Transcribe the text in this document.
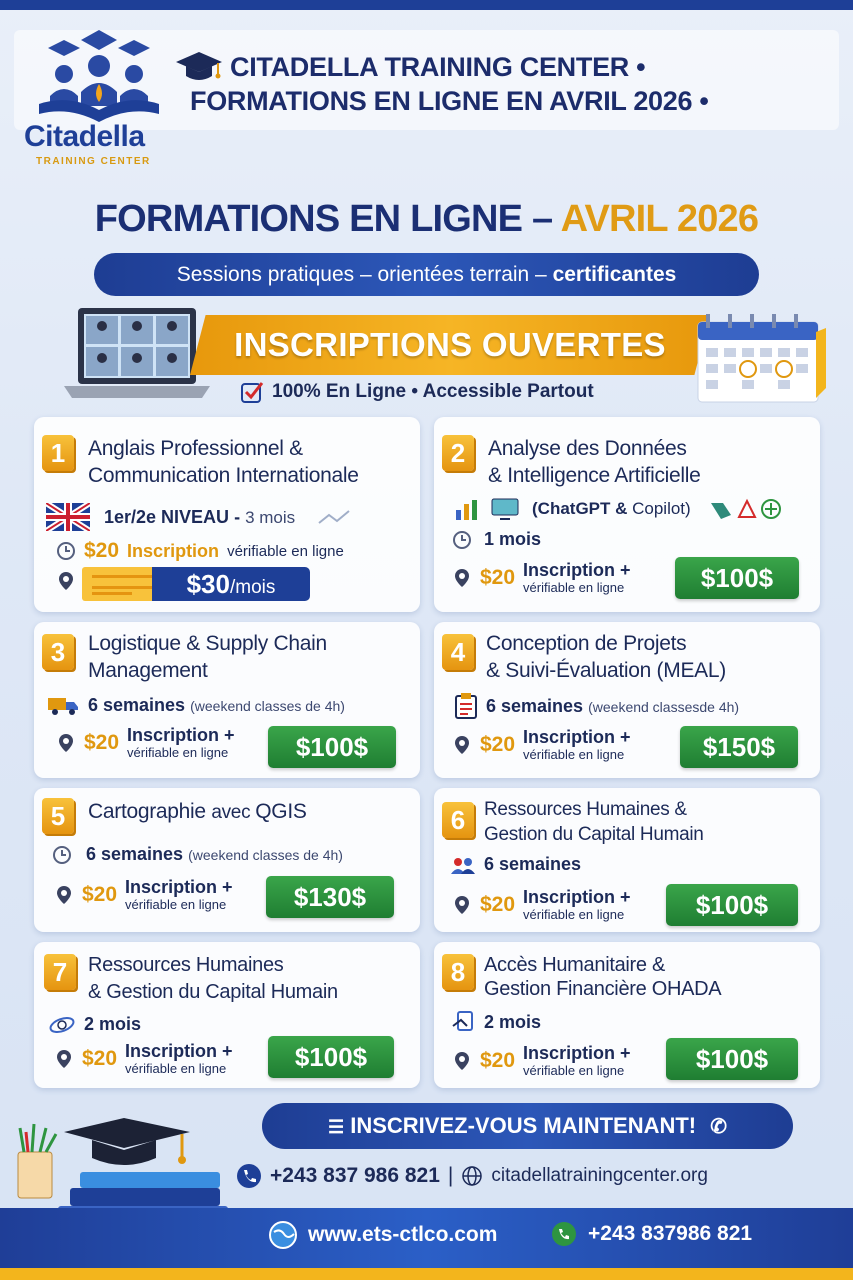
Citadella
TRAINING CENTER
CITADELLA TRAINING CENTER •
FORMATIONS EN LIGNE EN AVRIL 2026 •
FORMATIONS EN LIGNE – AVRIL 2026
Sessions pratiques – orientées terrain – certificantes
INSCRIPTIONS OUVERTES
100% En Ligne • Accessible Partout
1	Anglais Professionnel &
Communication Internationale
1er/2e NIVEAU - 3 mois
$20 Inscription vérifiable en ligne
$30/mois
2	Analyse des Données
& Intelligence Artificielle
(ChatGPT & Copilot)
1 mois
$20 Inscription +
vérifiable en ligne	$100$
3	Logistique & Supply Chain
Management
6 semaines (weekend classes de 4h)
$20 Inscription +
vérifiable en ligne	$100$
4 Conception de Projets
& Suivi-Évaluation (MEAL)
6 semaines (weekend classesde 4h)
$20 Inscription +
vérifiable en ligne	$150$
5	Cartographie avec QGIS
6 semaines (weekend classes de 4h)
$20 Inscription +
vérifiable en ligne	$130$
6 Ressources Humaines &
Gestion du Capital Humain
6 semaines
$20 Inscription +
vérifiable en ligne	$100$
7	Ressources Humaines
& Gestion du Capital Humain
2 mois
$20 Inscription +
vérifiable en ligne	$100$
8 Accès Humanitaire &
Gestion Financière OHADA
2 mois
$20 Inscription +
vérifiable en ligne	$100$
☰ INSCRIVEZ-VOUS MAINTENANT! ✆
+243 837 986 821 | citadellatrainingcenter.org
www.ets-ctlco.com	+243 837986 821
